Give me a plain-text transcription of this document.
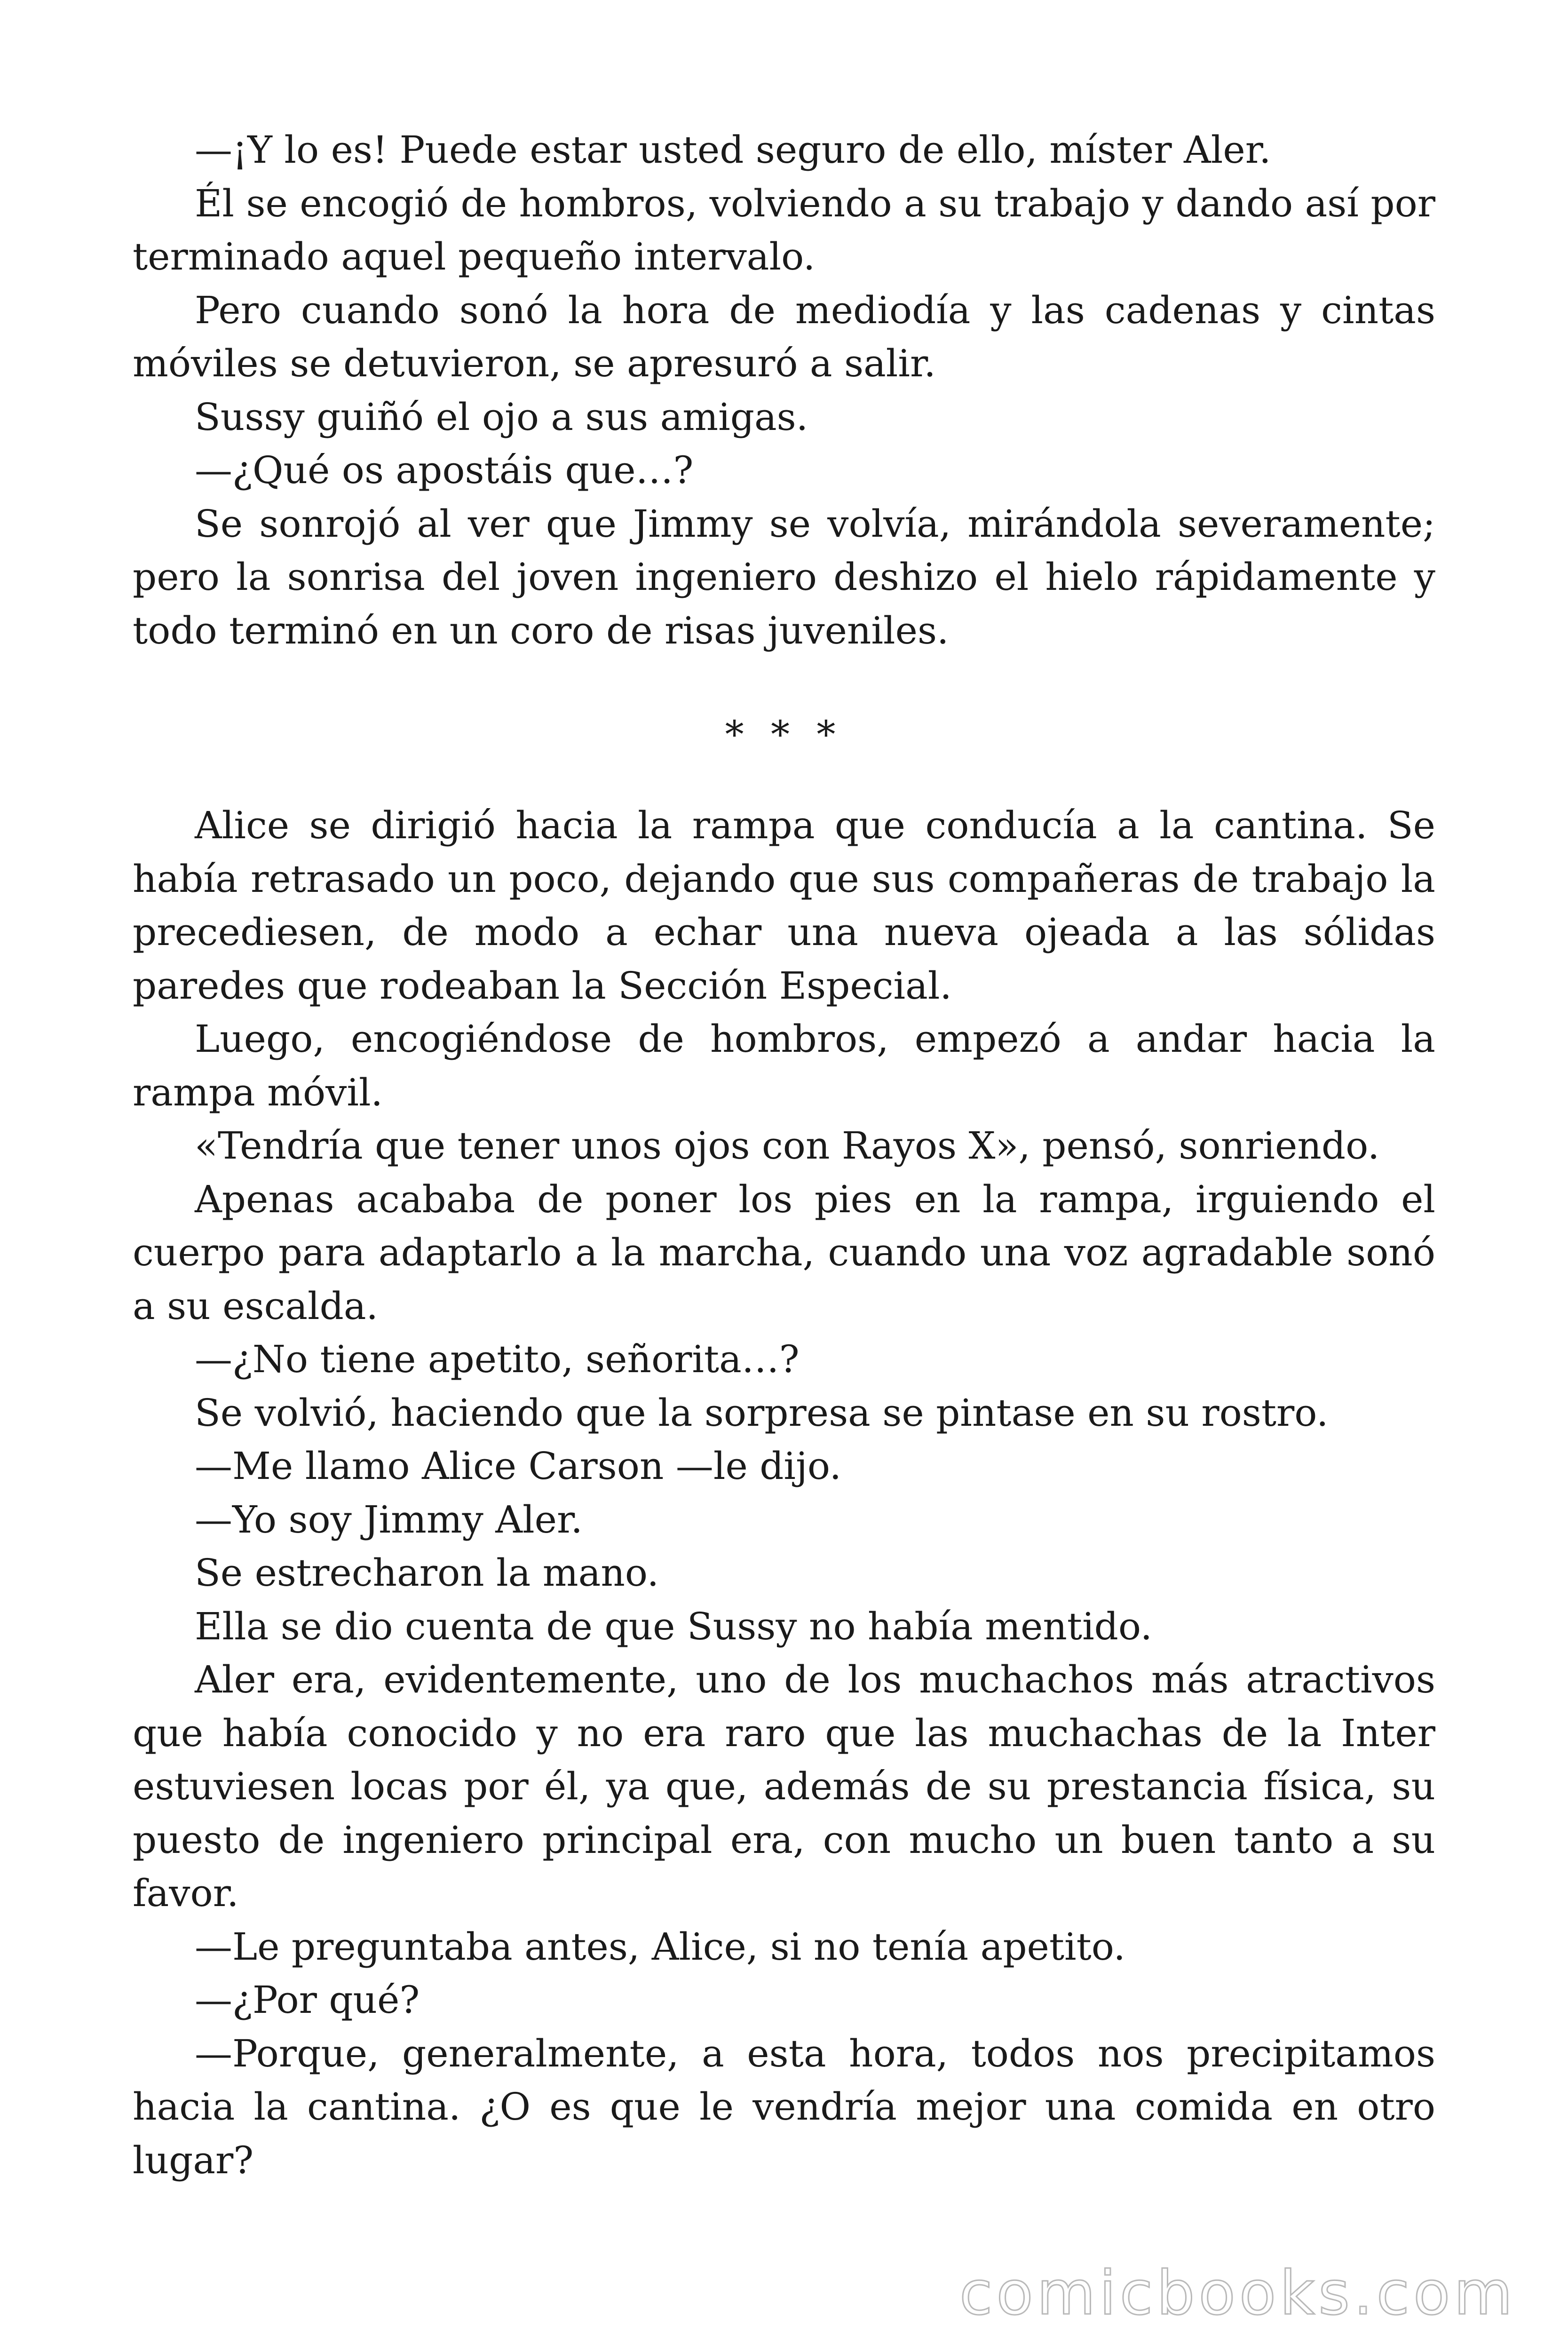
—¡Y lo es! Puede estar usted seguro de ello, míster Aler.

Él se encogió de hombros, volviendo a su trabajo y dando así por terminado aquel pequeño intervalo.

Pero cuando sonó la hora de mediodía y las cadenas y cintas móviles se detuvieron, se apresuró a salir.

Sussy guiñó el ojo a sus amigas.

—¿Qué os apostáis que…?

Se sonrojó al ver que Jimmy se volvía, mirándola severamente; pero la sonrisa del joven ingeniero deshizo el hielo rápidamente y todo terminó en un coro de risas juveniles.

* * *

Alice se dirigió hacia la rampa que conducía a la cantina. Se había retrasado un poco, dejando que sus compañeras de trabajo la precediesen, de modo a echar una nueva ojeada a las sólidas paredes que rodeaban la Sección Especial.

Luego, encogiéndose de hombros, empezó a andar hacia la rampa móvil.

«Tendría que tener unos ojos con Rayos X», pensó, sonriendo.

Apenas acababa de poner los pies en la rampa, irguiendo el cuerpo para adaptarlo a la marcha, cuando una voz agradable sonó a su escalda.

—¿No tiene apetito, señorita…?

Se volvió, haciendo que la sorpresa se pintase en su rostro.

—Me llamo Alice Carson —le dijo.

—Yo soy Jimmy Aler.

Se estrecharon la mano.

Ella se dio cuenta de que Sussy no había mentido.

Aler era, evidentemente, uno de los muchachos más atractivos que había conocido y no era raro que las muchachas de la Inter estuviesen locas por él, ya que, además de su prestancia física, su puesto de ingeniero principal era, con mucho un buen tanto a su favor.

—Le preguntaba antes, Alice, si no tenía apetito.

—¿Por qué?

—Porque, generalmente, a esta hora, todos nos precipitamos hacia la cantina. ¿O es que le vendría mejor una comida en otro lugar?

comicbooks.com
